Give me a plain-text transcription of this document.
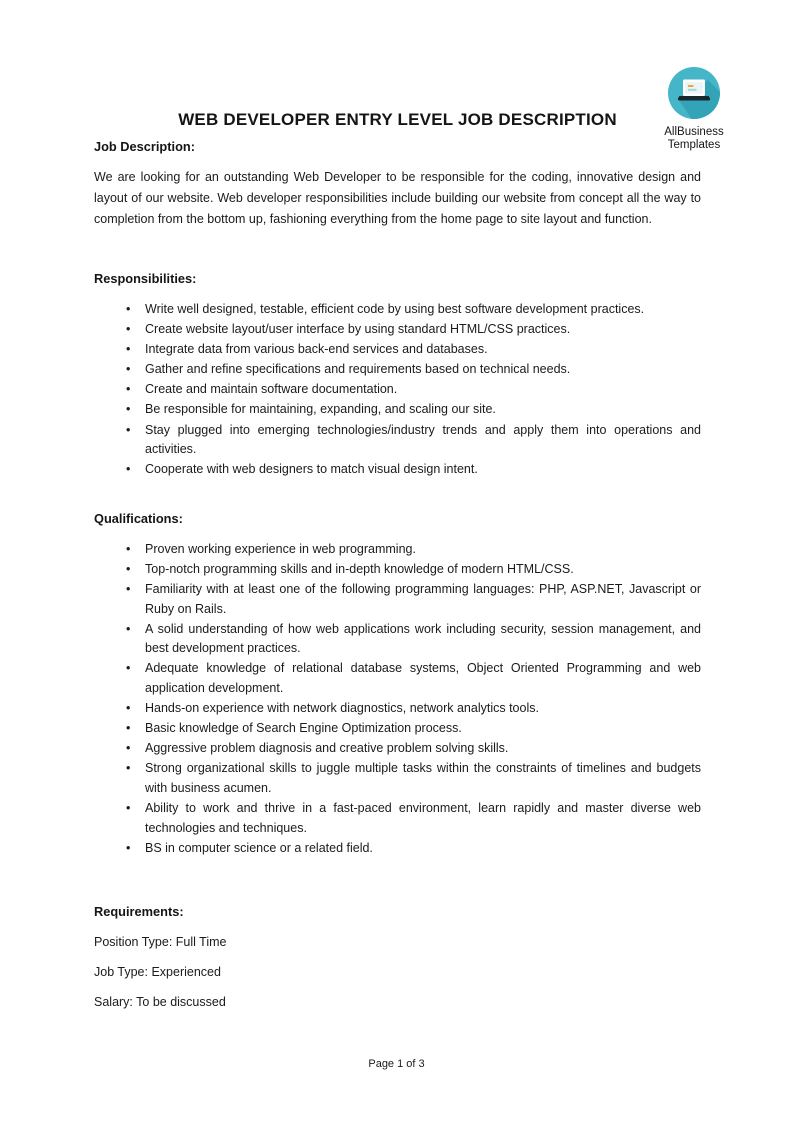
AllBusiness
Templates
WEB DEVELOPER ENTRY LEVEL JOB DESCRIPTION
Job Description:

We are looking for an outstanding Web Developer to be responsible for the coding, innovative design and layout of our website. Web developer responsibilities include building our website from concept all the way to completion from the bottom up, fashioning everything from the home page to site layout and function.

Responsibilities:
• Write well designed, testable, efficient code by using best software development practices.
• Create website layout/user interface by using standard HTML/CSS practices.
• Integrate data from various back-end services and databases.
• Gather and refine specifications and requirements based on technical needs.
• Create and maintain software documentation.
• Be responsible for maintaining, expanding, and scaling our site.
• Stay plugged into emerging technologies/industry trends and apply them into operations and activities.
• Cooperate with web designers to match visual design intent.
Qualifications:
• Proven working experience in web programming.
• Top-notch programming skills and in-depth knowledge of modern HTML/CSS.
• Familiarity with at least one of the following programming languages: PHP, ASP.NET, Javascript or Ruby on Rails.
• A solid understanding of how web applications work including security, session management, and best development practices.
• Adequate knowledge of relational database systems, Object Oriented Programming and web application development.
• Hands-on experience with network diagnostics, network analytics tools.
• Basic knowledge of Search Engine Optimization process.
• Aggressive problem diagnosis and creative problem solving skills.
• Strong organizational skills to juggle multiple tasks within the constraints of timelines and budgets with business acumen.
• Ability to work and thrive in a fast-paced environment, learn rapidly and master diverse web technologies and techniques.
• BS in computer science or a related field.
Requirements:

Position Type: Full Time

Job Type: Experienced

Salary: To be discussed

Page 1 of 3
